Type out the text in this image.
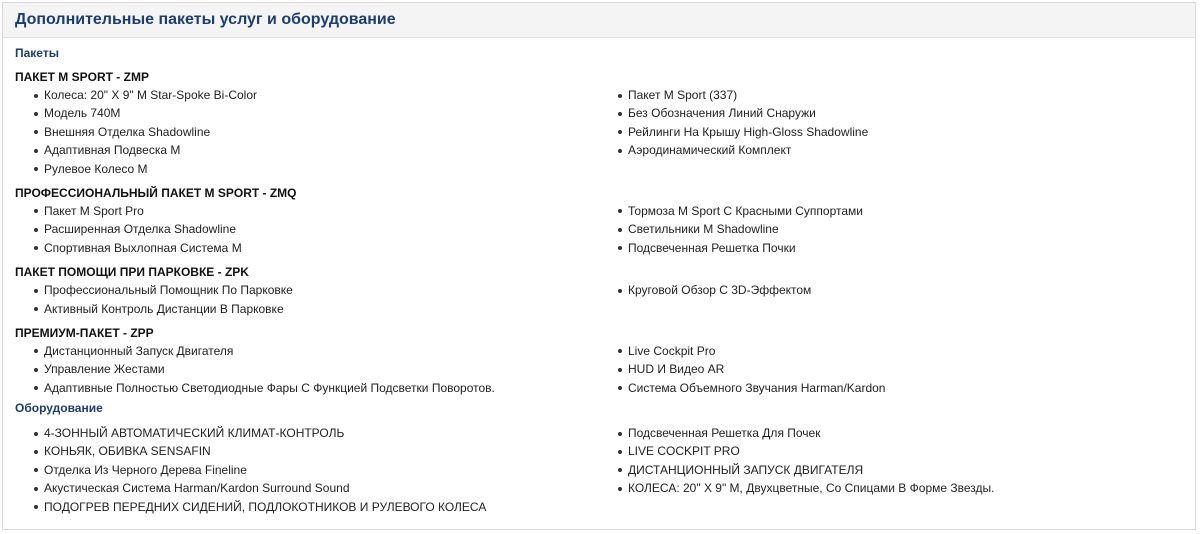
Дополнительные пакеты услуг и оборудование
Пакеты
ПАКЕТ M SPORT - ZMP
Колеса: 20" X 9" M Star-Spoke Bi-Color
Модель 740M
Внешняя Отделка Shadowline
Адаптивная Подвеска M
Рулевое Колесо M
Пакет M Sport (337)
Без Обозначения Линий Снаружи
Рейлинги На Крышу High-Gloss Shadowline
Аэродинамический Комплект
ПРОФЕССИОНАЛЬНЫЙ ПАКЕТ M SPORT - ZMQ
Пакет M Sport Pro
Расширенная Отделка Shadowline
Спортивная Выхлопная Система M
Тормоза M Sport С Красными Суппортами
Светильники M Shadowline
Подсвеченная Решетка Почки
ПАКЕТ ПОМОЩИ ПРИ ПАРКОВКЕ - ZPK
Профессиональный Помощник По Парковке
Активный Контроль Дистанции В Парковке
Круговой Обзор С 3D-Эффектом
ПРЕМИУМ-ПАКЕТ - ZPP
Дистанционный Запуск Двигателя
Управление Жестами
Адаптивные Полностью Светодиодные Фары С Функцией Подсветки Поворотов.
Live Cockpit Pro
HUD И Видео AR
Система Объемного Звучания Harman/Kardon
Оборудование
4-ЗОННЫЙ АВТОМАТИЧЕСКИЙ КЛИМАТ-КОНТРОЛЬ
КОНЬЯК, ОБИВКА SENSAFIN
Отделка Из Черного Дерева Fineline
Акустическая Система Harman/Kardon Surround Sound
ПОДОГРЕВ ПЕРЕДНИХ СИДЕНИЙ, ПОДЛОКОТНИКОВ И РУЛЕВОГО КОЛЕСА
Подсвеченная Решетка Для Почек
LIVE COCKPIT PRO
ДИСТАНЦИОННЫЙ ЗАПУСК ДВИГАТЕЛЯ
КОЛЕСА: 20" X 9" M, Двухцветные, Со Спицами В Форме Звезды.
